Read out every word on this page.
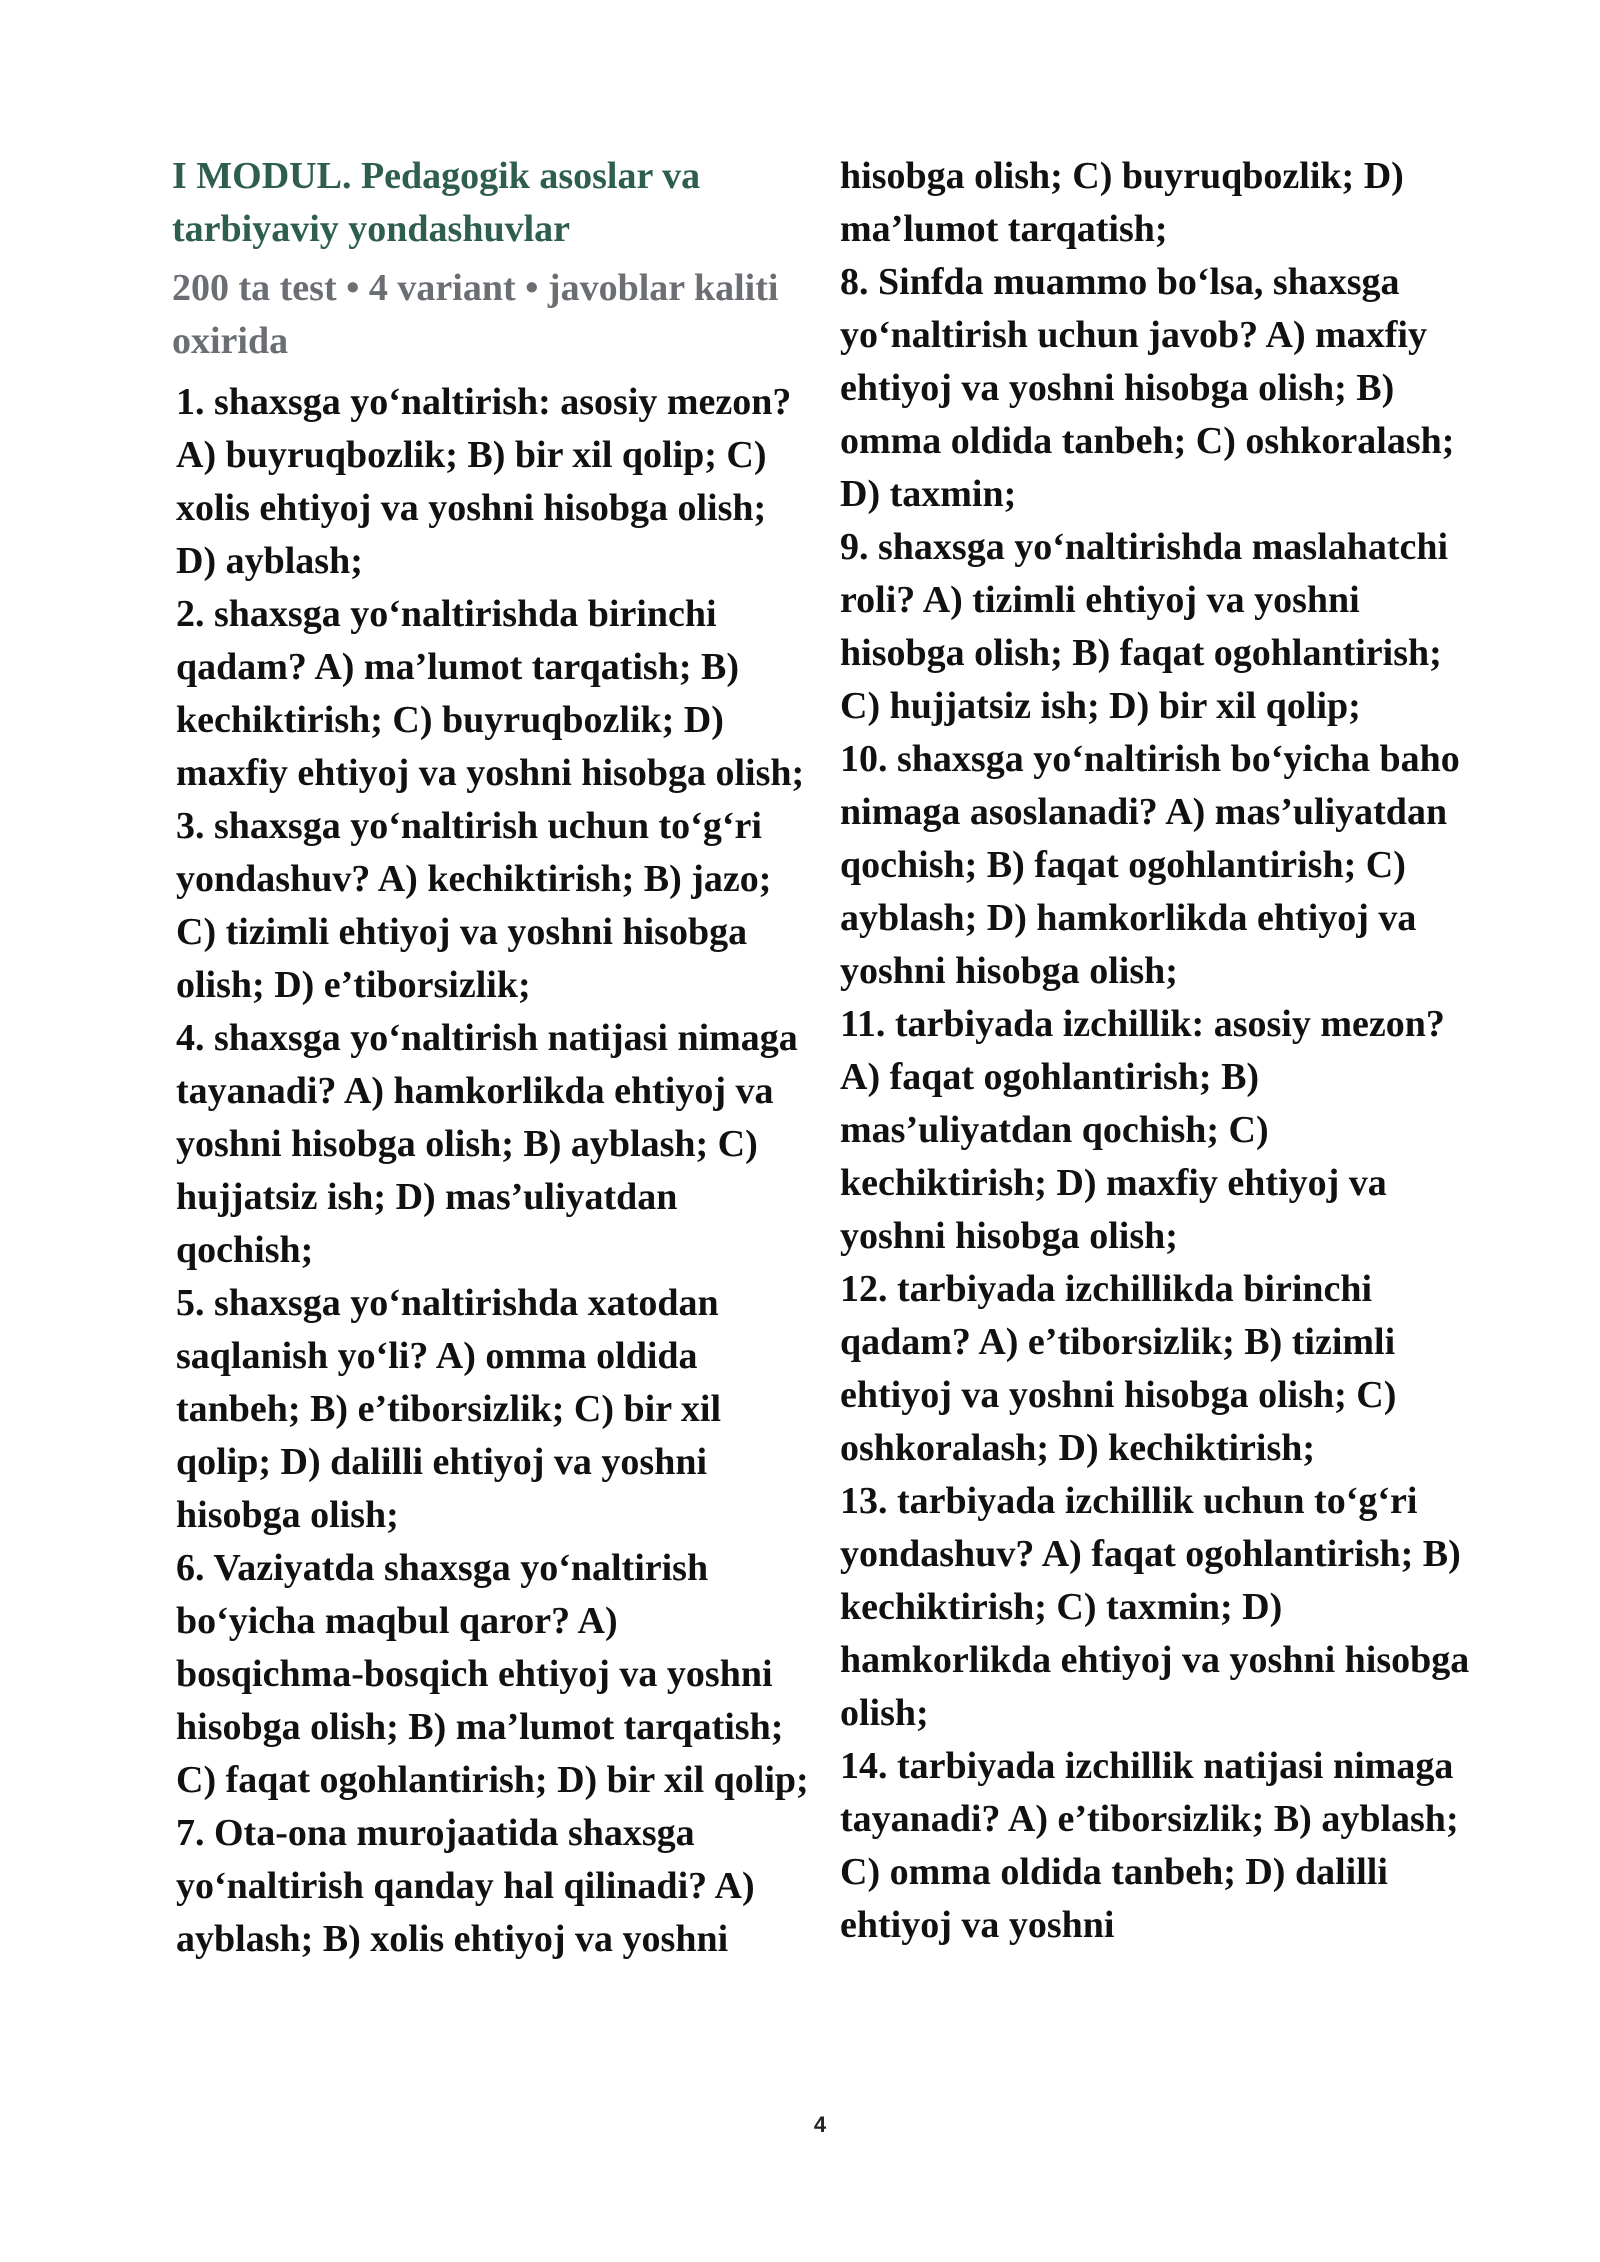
I MODUL. Pedagogik asoslar va tarbiyaviy yondashuvlar

200 ta test • 4 variant • javoblar kaliti oxirida

1. shaxsga yo‘naltirish: asosiy mezon? A) buyruqbozlik; B) bir xil qolip; C) xolis ehtiyoj va yoshni hisobga olish; D) ayblash;

2. shaxsga yo‘naltirishda birinchi qadam? A) ma’lumot tarqatish; B) kechiktirish; C) buyruqbozlik; D) maxfiy ehtiyoj va yoshni hisobga olish;

3. shaxsga yo‘naltirish uchun to‘g‘ri yondashuv? A) kechiktirish; B) jazo; C) tizimli ehtiyoj va yoshni hisobga olish; D) e’tiborsizlik;

4. shaxsga yo‘naltirish natijasi nimaga tayanadi? A) hamkorlikda ehtiyoj va yoshni hisobga olish; B) ayblash; C) hujjatsiz ish; D) mas’uliyatdan qochish;

5. shaxsga yo‘naltirishda xatodan saqlanish yo‘li? A) omma oldida tanbeh; B) e’tiborsizlik; C) bir xil qolip; D) dalilli ehtiyoj va yoshni hisobga olish;

6. Vaziyatda shaxsga yo‘naltirish bo‘yicha maqbul qaror? A) bosqichma-bosqich ehtiyoj va yoshni hisobga olish; B) ma’lumot tarqatish; C) faqat ogohlantirish; D) bir xil qolip;

7. Ota-ona murojaatida shaxsga yo‘naltirish qanday hal qilinadi? A) ayblash; B) xolis ehtiyoj va yoshni

hisobga olish; C) buyruqbozlik; D) ma’lumot tarqatish;

8. Sinfda muammo bo‘lsa, shaxsga yo‘naltirish uchun javob? A) maxfiy ehtiyoj va yoshni hisobga olish; B) omma oldida tanbeh; C) oshkoralash; D) taxmin;

9. shaxsga yo‘naltirishda maslahatchi roli? A) tizimli ehtiyoj va yoshni hisobga olish; B) faqat ogohlantirish; C) hujjatsiz ish; D) bir xil qolip;

10. shaxsga yo‘naltirish bo‘yicha baho nimaga asoslanadi? A) mas’uliyatdan qochish; B) faqat ogohlantirish; C) ayblash; D) hamkorlikda ehtiyoj va yoshni hisobga olish;

11. tarbiyada izchillik: asosiy mezon? A) faqat ogohlantirish; B) mas’uliyatdan qochish; C) kechiktirish; D) maxfiy ehtiyoj va yoshni hisobga olish;

12. tarbiyada izchillikda birinchi qadam? A) e’tiborsizlik; B) tizimli ehtiyoj va yoshni hisobga olish; C) oshkoralash; D) kechiktirish;

13. tarbiyada izchillik uchun to‘g‘ri yondashuv? A) faqat ogohlantirish; B) kechiktirish; C) taxmin; D) hamkorlikda ehtiyoj va yoshni hisobga olish;

14. tarbiyada izchillik natijasi nimaga tayanadi? A) e’tiborsizlik; B) ayblash; C) omma oldida tanbeh; D) dalilli ehtiyoj va yoshni

4
